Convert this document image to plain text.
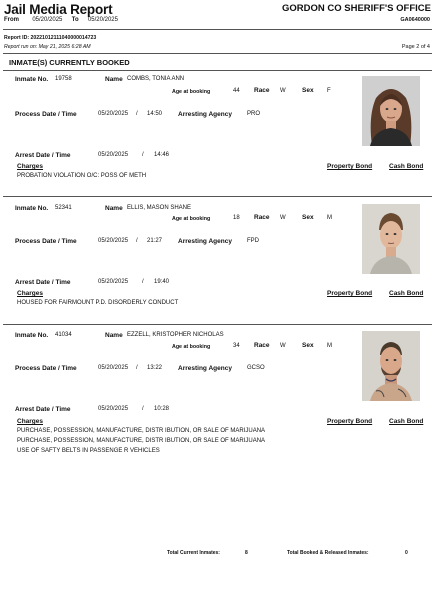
Jail Media Report	GORDON CO SHERIFF'S OFFICE
From 05/20/2025 To 05/20/2025	GA0640000
Report ID: 20221012111040000014723
Report run on: May 21, 2025 6:28 AM	Page 2 of 4
INMATE(S) CURRENTLY BOOKED
Inmate No. 19758	Name COMBS, TONIA ANN
Age at booking	44 Race W	Sex F
Process Date / Time	05/20/2025 / 14:50 Arresting Agency	PRO
Arrest Date / Time	05/20/2025 / 14:46
Charges	Property Bond	Cash Bond
PROBATION VIOLATION O/C: POSS OF METH
Inmate No. 52341	Name ELLIS, MASON SHANE
Age at booking	18 Race W	Sex M
Process Date / Time	05/20/2025 / 21:27 Arresting Agency	FPD
Arrest Date / Time	05/20/2025 / 19:40
Charges	Property Bond	Cash Bond
HOUSED FOR FAIRMOUNT P.D. DISORDERLY CONDUCT
Inmate No. 41034	Name EZZELL, KRISTOPHER NICHOLAS
Age at booking	34 Race W	Sex M
Process Date / Time	05/20/2025 / 13:22 Arresting Agency	GCSO
Arrest Date / Time	05/20/2025 / 10:28
Charges	Property Bond	Cash Bond
PURCHASE, POSSESSION, MANUFACTURE, DISTR IBUTION, OR SALE OF MARIJUANA
PURCHASE, POSSESSION, MANUFACTURE, DISTR IBUTION, OR SALE OF MARIJUANA
USE OF SAFTY BELTS IN PASSENGE R VEHICLES
Total Current Inmates:	8	Total Booked & Released Inmates:	0
